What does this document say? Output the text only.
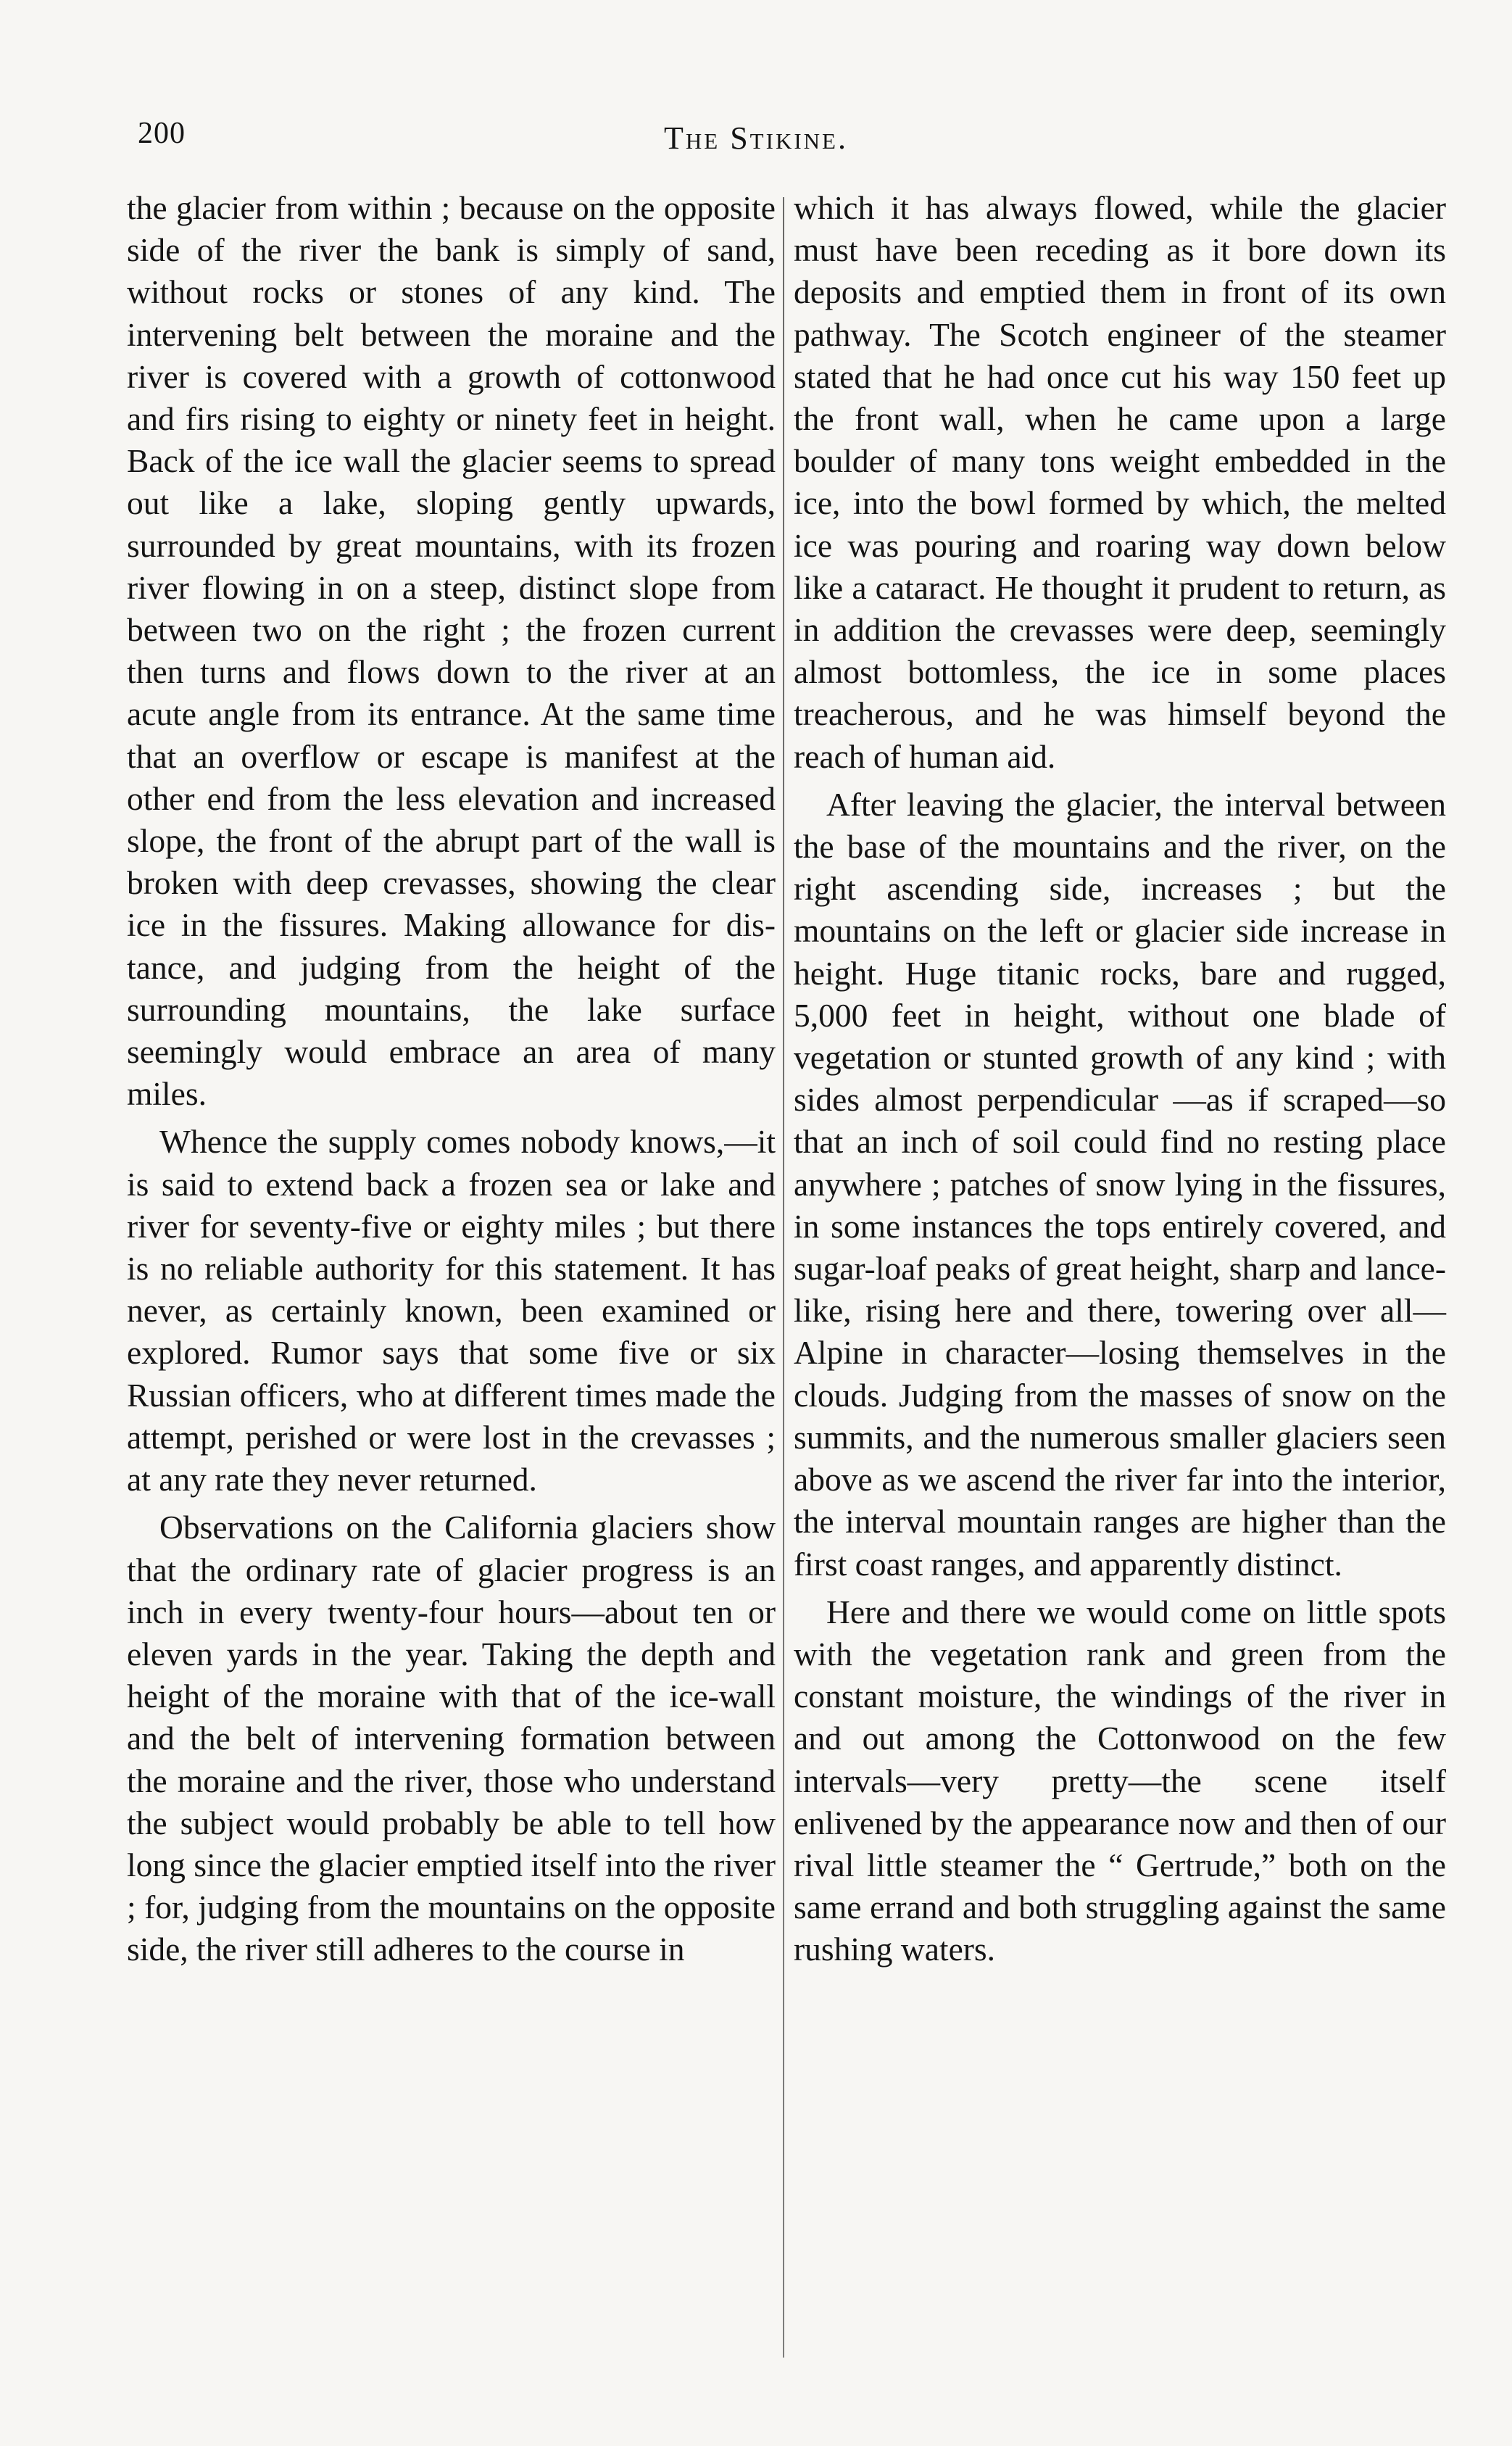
200	The Stikine.

the glacier from within ; because on the opposite side of the river the bank is simply of sand, without rocks or stones of any kind. The intervening belt between the moraine and the river is covered with a growth of cottonwood and firs rising to eighty or ninety feet in height. Back of the ice wall the glacier seems to spread out like a lake, sloping gently upwards, surrounded by great mountains, with its frozen river flowing in on a steep, distinct slope from between two on the right ; the frozen current then turns and flows down to the river at an acute angle from its entrance. At the same time that an overflow or escape is manifest at the other end from the less elevation and increased slope, the front of the abrupt part of the wall is broken with deep crevasses, showing the clear ice in the fissures. Making allowance for distance, and judging from the height of the surrounding mountains, the lake surface seemingly would embrace an area of many miles.

Whence the supply comes nobody knows,—it is said to extend back a frozen sea or lake and river for seventy-five or eighty miles ; but there is no reliable authority for this statement. It has never, as certainly known, been examined or explored. Rumor says that some five or six Russian officers, who at different times made the attempt, perished or were lost in the crevasses ; at any rate they never returned.

Observations on the California glaciers show that the ordinary rate of glacier progress is an inch in every twenty-four hours—about ten or eleven yards in the year. Taking the depth and height of the moraine with that of the ice-wall and the belt of intervening formation between the moraine and the river, those who understand the subject would probably be able to tell how long since the glacier emptied itself into the river ; for, judging from the mountains on the opposite side, the river still adheres to the course in

which it has always flowed, while the glacier must have been receding as it bore down its deposits and emptied them in front of its own pathway. The Scotch engineer of the steamer stated that he had once cut his way 150 feet up the front wall, when he came upon a large boulder of many tons weight embedded in the ice, into the bowl formed by which, the melted ice was pouring and roaring way down below like a cataract. He thought it prudent to return, as in addition the crevasses were deep, seemingly almost bottomless, the ice in some places treacherous, and he was himself beyond the reach of human aid.

After leaving the glacier, the interval between the base of the mountains and the river, on the right ascending side, increases ; but the mountains on the left or glacier side increase in height. Huge titanic rocks, bare and rugged, 5,000 feet in height, without one blade of vegetation or stunted growth of any kind ; with sides almost perpendicular —as if scraped—so that an inch of soil could find no resting place anywhere ; patches of snow lying in the fissures, in some instances the tops entirely covered, and sugar-loaf peaks of great height, sharp and lance-like, rising here and there, towering over all—Alpine in character—losing themselves in the clouds. Judging from the masses of snow on the summits, and the numerous smaller glaciers seen above as we ascend the river far into the interior, the interval mountain ranges are higher than the first coast ranges, and apparently distinct.

Here and there we would come on little spots with the vegetation rank and green from the constant moisture, the windings of the river in and out among the Cottonwood on the few intervals—very pretty—the scene itself enlivened by the appearance now and then of our rival little steamer the “ Gertrude,” both on the same errand and both struggling against the same rushing waters.
